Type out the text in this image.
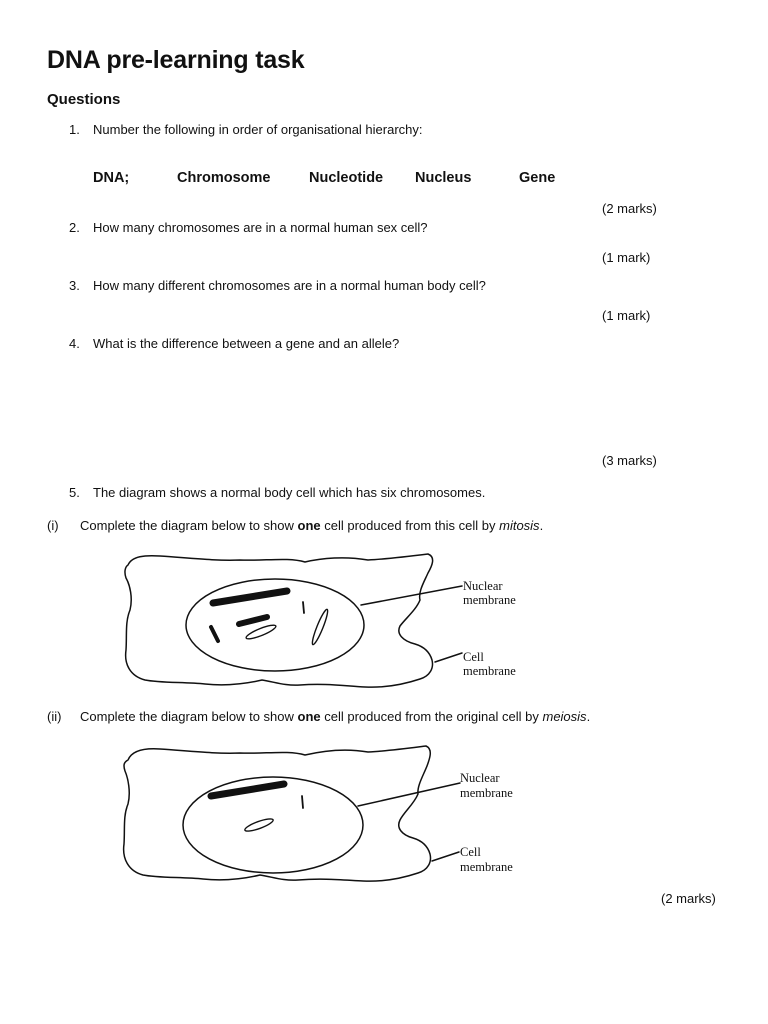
DNA pre-learning task
Questions
1. Number the following in order of organisational hierarchy:
DNA;	Chromosome	Nucleotide Nucleus	Gene
(2 marks)
2. How many chromosomes are in a normal human sex cell?
(1 mark)
3. How many different chromosomes are in a normal human body cell?
(1 mark)
4. What is the difference between a gene and an allele?
(3 marks)
5. The diagram shows a normal body cell which has six chromosomes.
(i) Complete the diagram below to show one cell produced from this cell by mitosis.
Nuclear
membrane
Cell
membrane
(ii) Complete the diagram below to show one cell produced from the original cell by meiosis.
Nuclear
membrane
Cell
membrane
(2 marks)
